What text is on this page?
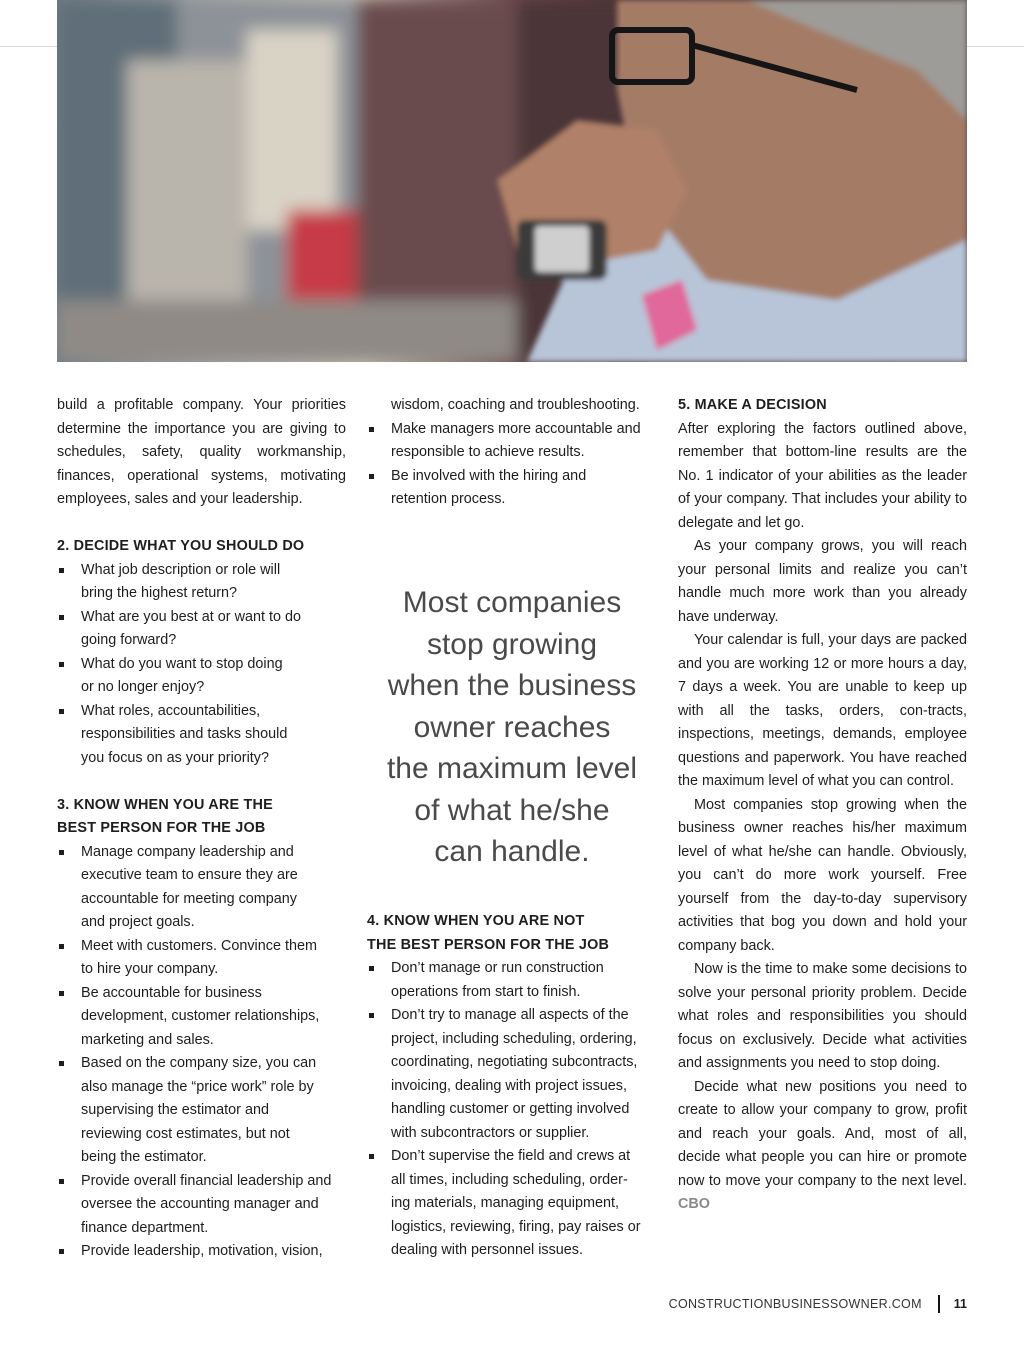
build a profitable company. Your priorities determine the importance you are giving to schedules, safety, quality workmanship, finances, operational systems, motivating employees, sales and your leadership.

2. DECIDE WHAT YOU SHOULD DO

What job description or role will
bring the highest return?
What are you best at or want to do
going forward?
What do you want to stop doing
or no longer enjoy?
What roles, accountabilities,
responsibilities and tasks should
you focus on as your priority?

3. KNOW WHEN YOU ARE THE

BEST PERSON FOR THE JOB

Manage company leadership and
executive team to ensure they are
accountable for meeting company
and project goals.
Meet with customers. Convince them
to hire your company.
Be accountable for business
development, customer relationships,
marketing and sales.
Based on the company size, you can
also manage the “price work” role by
supervising the estimator and
reviewing cost estimates, but not
being the estimator.
Provide overall financial leadership and
oversee the accounting manager and
finance department.
Provide leadership, motivation, vision,

wisdom, coaching and troubleshooting.

Make managers more accountable and
responsible to achieve results.
Be involved with the hiring and
retention process.
Most companies
stop growing
when the business
owner reaches
the maximum level
of what he/she
can handle.

4. KNOW WHEN YOU ARE NOT

THE BEST PERSON FOR THE JOB

Don’t manage or run construction
operations from start to finish.
Don’t try to manage all aspects of the
project, including scheduling, ordering,
coordinating, negotiating subcontracts,
invoicing, dealing with project issues,
handling customer or getting involved
with subcontractors or supplier.
Don’t supervise the field and crews at
all times, including scheduling, order-
ing materials, managing equipment,
logistics, reviewing, firing, pay raises or
dealing with personnel issues.

5. MAKE A DECISION

After exploring the factors outlined above, remember that bottom-line results are the No. 1 indicator of your abilities as the leader of your company. That includes your ability to delegate and let go.

As your company grows, you will reach your personal limits and realize you can’t handle much more work than you already have underway.

Your calendar is full, your days are packed and you are working 12 or more hours a day, 7 days a week. You are unable to keep up with all the tasks, orders, con-tracts, inspections, meetings, demands, employee questions and paperwork. You have reached the maximum level of what you can control.

Most companies stop growing when the business owner reaches his/her maximum level of what he/she can handle. Obviously, you can’t do more work yourself. Free yourself from the day-to-day supervisory activities that bog you down and hold your company back.

Now is the time to make some decisions to solve your personal priority problem. Decide what roles and responsibilities you should focus on exclusively. Decide what activities and assignments you need to stop doing.

Decide what new positions you need to create to allow your company to grow, profit and reach your goals. And, most of all, decide what people you can hire or promote now to move your company to the next level. CBO

CONSTRUCTIONBUSINESSOWNER.COM	11
